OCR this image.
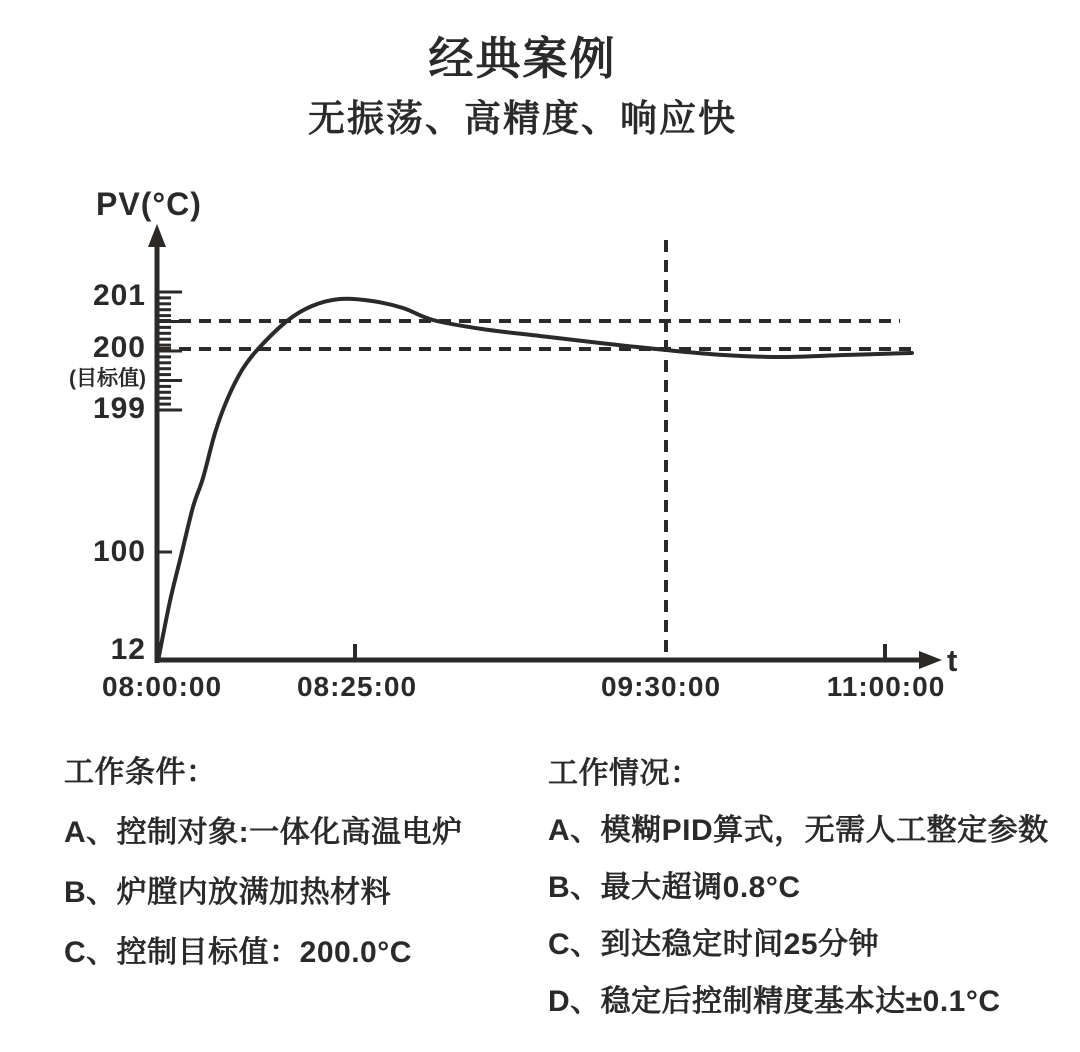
经典案例
无振荡、高精度、响应快
PV(°C)
t
201
200
(目标值)
199
100
12
08:00:00	08:25:00	09:30:00	11:00:00
工作条件：
A、控制对象:一体化高温电炉
B、炉膛内放满加热材料
C、控制目标值：200.0°C
工作情况：
A、模糊PID算式，无需人工整定参数
B、最大超调0.8°C
C、到达稳定时间25分钟
D、稳定后控制精度基本达±0.1°C
